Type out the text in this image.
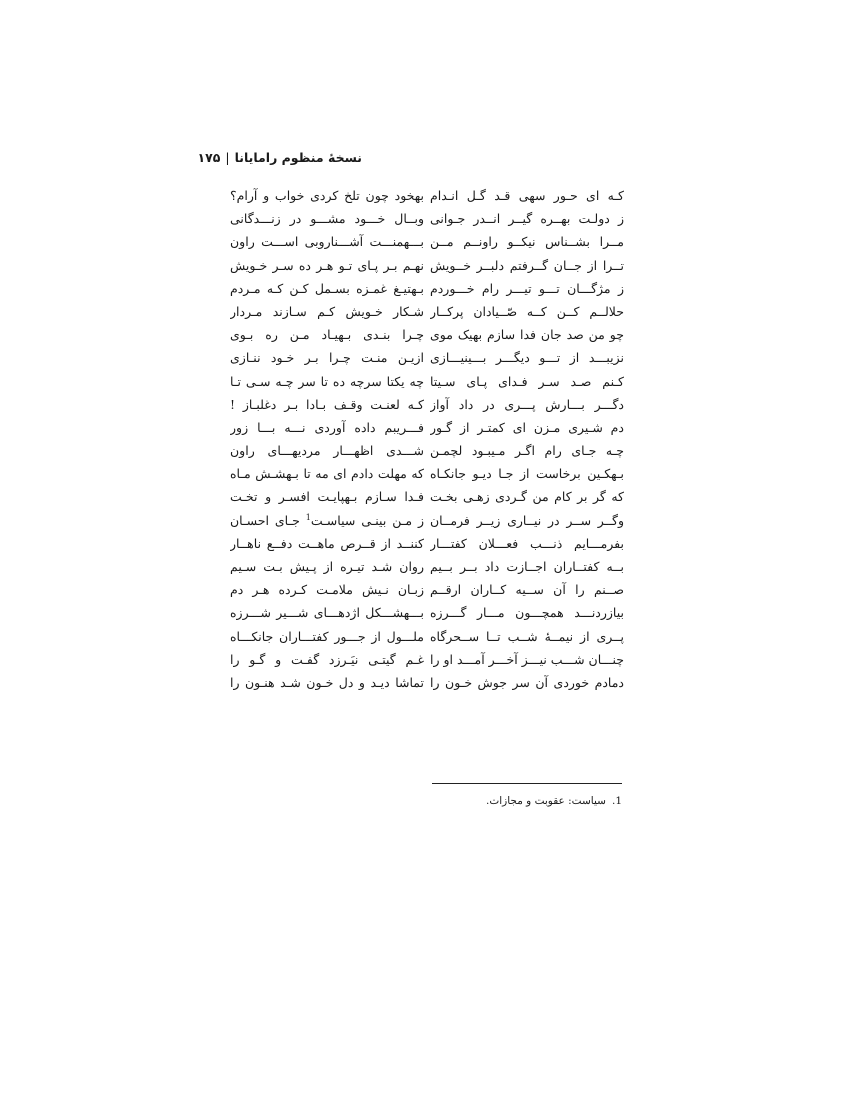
نسخهٔ منظوم رامایانا
|
۱۷۵
کـه ای حـور سهی قـد گـل انـدام
ز دولـت بهــره گیــر انــدر جـوانی
مــرا بشــناس نیکــو راونــم مــن
تــرا از جــان گــرفتم دلبــر خــویش
ز مژگـــان تـــو تیـــر رام خـــوردم
حلالــم کــن کــه صّــیادان پرکــار
چو من صد جان فدا سازم بهیک موی
نزیبـــد از تـــو دیگـــر بـــینیـــازی
کـنم صـد سـر فـدای پـای سـیتا
دگـــر بـــارش پـــری در داد آواز
دم شـیری مـزن ای کمتـر از گـور
چـه جـای رام اگـر مـیبـود لچمـن
بـهکـین برخاست از جـا دیـو جانکـاه
که گر بر کام من گـردی زهـی بخـت
وگــر ســر در نیــاری زیــر فرمــان
بفرمـــایم ذنـــب فعـــلان کفتـــار
بــه کفتــاران اجــازت داد بــر بــیم
صــنم را آن ســیه کــاران ارقــم
بیازردنـــد همچـــون مـــار گـــرزه
پــری از نیمــهٔ شــب تــا ســحرگاه
چنـــان شـــب نیـــز آخـــر آمـــد او را
دمادم خوردی آن سر جوش خـون را
بهخود چون تلخ کردی خواب و آرام؟
وبــال خـــود مشـــو در زنـــدگانی
بـــهمنـــت آشـــناروبی اســـت راون
نهـم بـر پـای تـو هـر ده سـر خـویش
بـهتیـغ غمـزه بسـمل کـن کـه مـردم
شـکار خـویش کـم سـازند مـردار
چـرا بنـدی بـهیـاد مـن ره بـوی
ازیـن منـت چـرا بـر خـود ننـازی
چه یکتا سرچه ده تا سر چـه سـی تـا
کـه لعنـت وقـف بـادا بـر دغلبـاز !
فـــریبم داده آوردی نـــه بـــا زور
شـــدی اظهـــار مردیهـــای راون
که مهلت دادم ای مه تا بـهشـش مـاه
فـدا سـازم بـهپایـت افسـر و تخـت
ز مـن بینـی سیاسـت$^1$ جـای احسـان
کننــد از قــرص ماهــت دفــع ناهــار
روان شـد تیـره از پـیش بـت سـیم
زبـان نـیش ملامـت کـرده هـر دم
بـــهشـــکل اژدهـــای شـــیر شـــرزه
ملـــول از جـــور کفتـــاران جانکـــاه
غـم گیتـی نیَـرزد گفـت و گـو را
تماشا دیـد و دل خـون شـد هنـون را
1.سیاست: عقوبت و مجازات.
